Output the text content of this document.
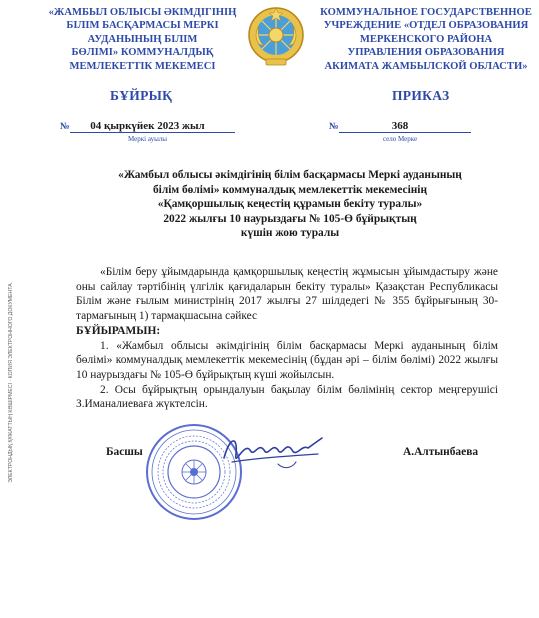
ЭЛЕКТРОНДЫҚ ҚҰЖАТТЫҢ КӨШІРМЕСІ · КОПИЯ ЭЛЕКТРОННОГО ДОКУМЕНТА
«ЖАМБЫЛ ОБЛЫСЫ ӘКІМДІГІНІҢ
БІЛІМ БАСҚАРМАСЫ МЕРКІ
АУДАНЫНЫҢ БІЛІМ
БӨЛІМІ» КОММУНАЛДЫҚ
МЕМЛЕКЕТТІК МЕКЕМЕСІ
КОММУНАЛЬНОЕ ГОСУДАРСТВЕННОЕ
УЧРЕЖДЕНИЕ «ОТДЕЛ ОБРАЗОВАНИЯ
МЕРКЕНСКОГО РАЙОНА
УПРАВЛЕНИЯ ОБРАЗОВАНИЯ
АКИМАТА ЖАМБЫЛСКОЙ ОБЛАСТИ»
БҰЙРЫҚ	ПРИКАЗ
№	04 қыркүйек 2023 жыл
Меркі ауылы
№	368
село Мерке
«Жамбыл облысы әкімдігінің білім басқармасы Меркі ауданының
білім бөлімі» коммуналдық мемлекеттік мекемесінің
«Қамқоршылық кеңестің құрамын бекіту туралы»
2022 жылғы 10 наурыздағы № 105-Ө бұйрықтың
күшін жою туралы

«Білім беру ұйымдарында қамқоршылық кеңестің жұмысын ұйымдастыру және оны сайлау тәртібінің үлгілік қағидаларын бекіту туралы» Қазақстан Республикасы Білім және ғылым министрінің 2017 жылғы 27 шілдедегі № 355 бұйрығының 30-тармағының 1) тармақшасына сәйкес

БҰЙЫРАМЫН:

1. «Жамбыл облысы әкімдігінің білім басқармасы Меркі ауданының білім бөлімі» коммуналдық мемлекеттік мекемесінің (бұдан әрі – білім бөлімі) 2022 жылғы 10 наурыздағы № 105-Ө бұйрықтың күші жойылсын.

2. Осы бұйрықтың орындалуын бақылау білім бөлімінің сектор меңгерушісі З.Иманалиеваға жүктелсін.

Басшы	А.Алтынбаева
